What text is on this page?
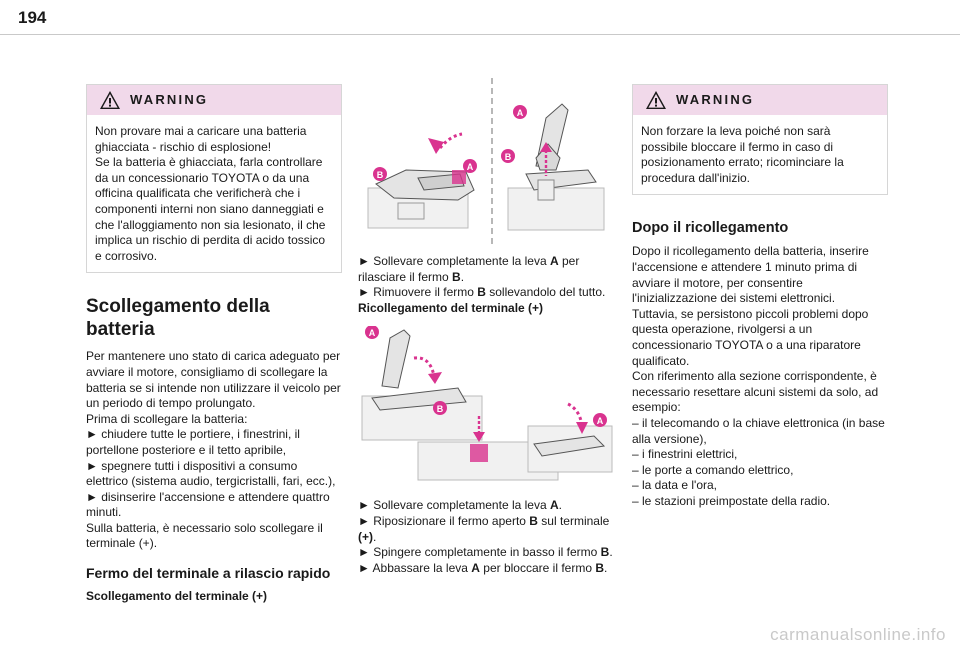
194
WARNING

Non provare mai a caricare una batteria ghiacciata - rischio di esplosione!

Se la batteria è ghiacciata, farla controllare da un concessionario TOYOTA o da una officina qualificata che verificherà che i componenti interni non siano danneggiati e che l'alloggiamento non sia lesionato, il che implica un rischio di perdita di acido tossico e corrosivo.

Scollegamento della batteria

Per mantenere uno stato di carica adeguato per avviare il motore, consigliamo di scollegare la batteria se si intende non utilizzare il veicolo per un periodo di tempo prolungato.

Prima di scollegare la batteria:

► chiudere tutte le portiere, i finestrini, il portellone posteriore e il tetto apribile,

► spegnere tutti i dispositivi a consumo elettrico (sistema audio, tergicristalli, fari, ecc.),

► disinserire l'accensione e attendere quattro minuti.

Sulla batteria, è necessario solo scollegare il terminale (+).

Fermo del terminale a rilascio rapido
Scollegamento del terminale (+)
B
A
A
B

► Sollevare completamente la leva A per rilasciare il fermo B.

► Rimuovere il fermo B sollevandolo del tutto.

Ricollegamento del terminale (+)
A
B
A

► Sollevare completamente la leva A.

► Riposizionare il fermo aperto B sul terminale (+).

► Spingere completamente in basso il fermo B.

► Abbassare la leva A per bloccare il fermo B.

WARNING

Non forzare la leva poiché non sarà possibile bloccare il fermo in caso di posizionamento errato; ricominciare la procedura dall'inizio.

Dopo il ricollegamento

Dopo il ricollegamento della batteria, inserire l'accensione e attendere 1 minuto prima di avviare il motore, per consentire l'inizializzazione dei sistemi elettronici.

Tuttavia, se persistono piccoli problemi dopo questa operazione, rivolgersi a un concessionario TOYOTA o a una riparatore qualificato.

Con riferimento alla sezione corrispondente, è necessario resettare alcuni sistemi da solo, ad esempio:

– il telecomando o la chiave elettronica (in base alla versione),

– i finestrini elettrici,

– le porte a comando elettrico,

– la data e l'ora,

– le stazioni preimpostate della radio.

carmanualsonline.info
